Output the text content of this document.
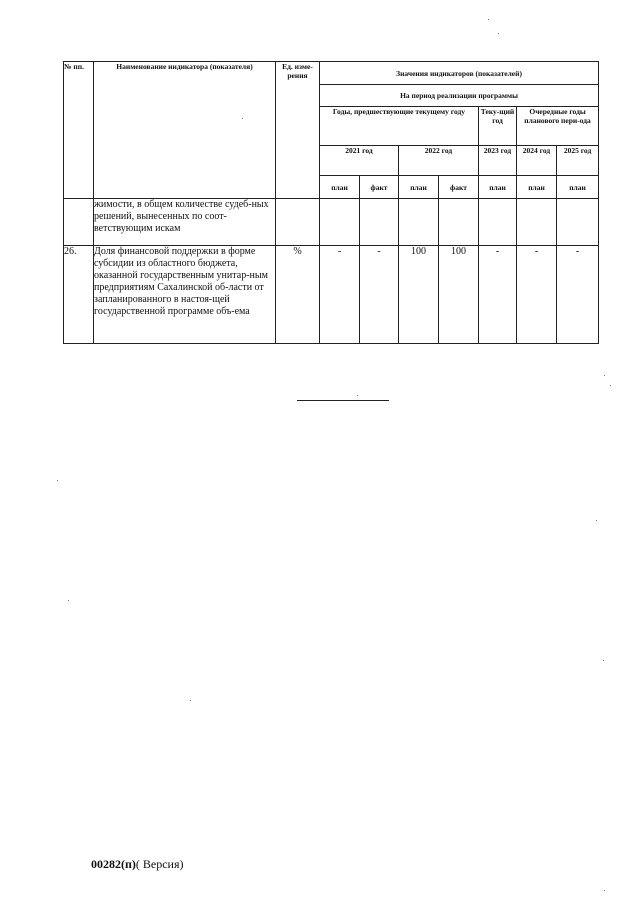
№ пп.	Наименование индикатора (показателя)	Ед. изме-рения	Значения индикаторов (показателей)						
			На период реализации программы						
			Годы, предшествующие текущему году				Теку-щий год	Очередные годы планового пери-ода	
			2021 год		2022 год		2023 год	2024 год	2025 год
			план	факт	план	факт	план	план	план
	жимости, в общем количестве судеб-ных решений, вынесенных по соот-ветствующим искам								
26.	Доля финансовой поддержки в форме субсидии из областного бюджета, оказанной государственным унитар-ным предприятиям Сахалинской об-ласти от запланированного в настоя-щей государственной программе объ-ема	%	-	-	100	100	-	-	-
00282(п)( Версия)
